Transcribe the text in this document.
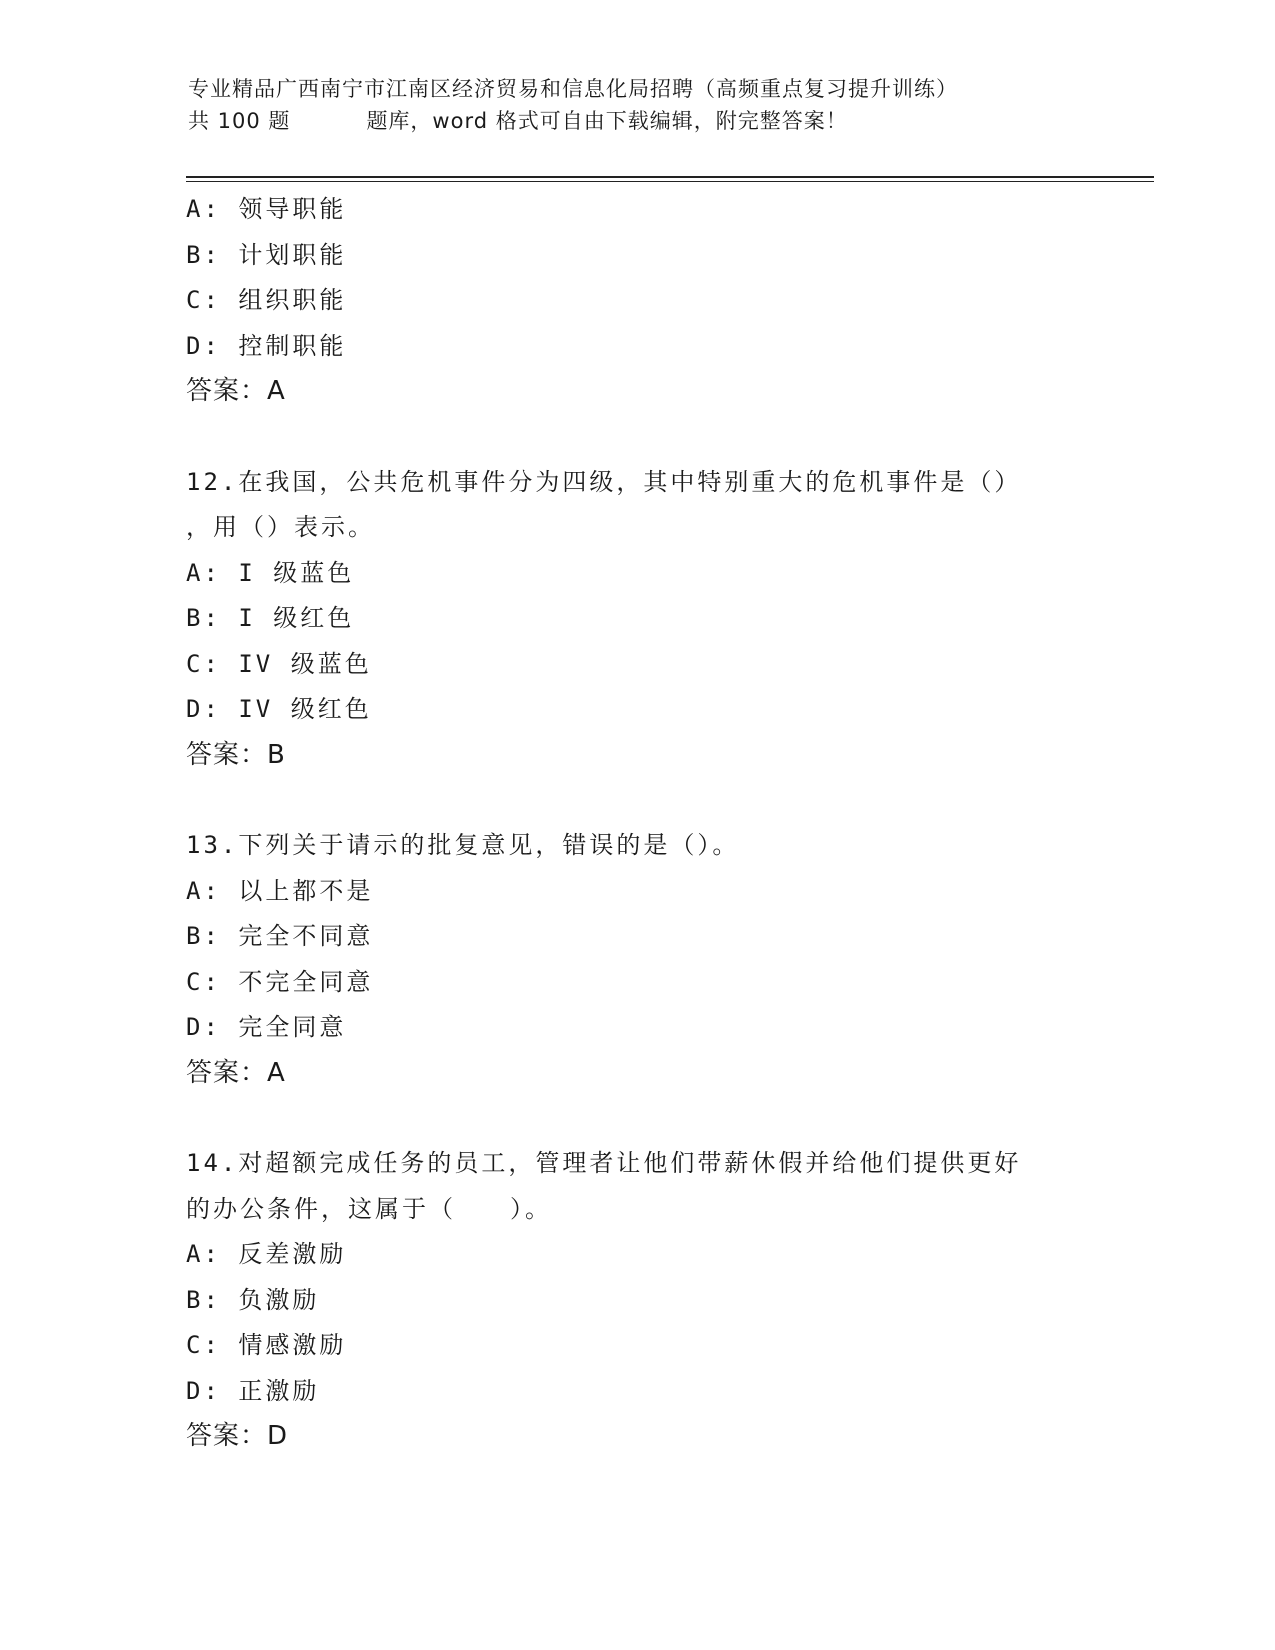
专业精品广西南宁市江南区经济贸易和信息化局招聘（高频重点复习提升训练）
共 100 题	题库，word 格式可自由下载编辑，附完整答案！
A: 领导职能
B: 计划职能
C: 组织职能
D: 控制职能
答案：A
12.在我国，公共危机事件分为四级，其中特别重大的危机事件是（）
，用（）表示。
A: I 级蓝色
B: I 级红色
C: IV 级蓝色
D: IV 级红色
答案：B
13.下列关于请示的批复意见，错误的是（）。
A: 以上都不是
B: 完全不同意
C: 不完全同意
D: 完全同意
答案：A
14.对超额完成任务的员工，管理者让他们带薪休假并给他们提供更好
的办公条件，这属于（　　）。
A: 反差激励
B: 负激励
C: 情感激励
D: 正激励
答案：D
